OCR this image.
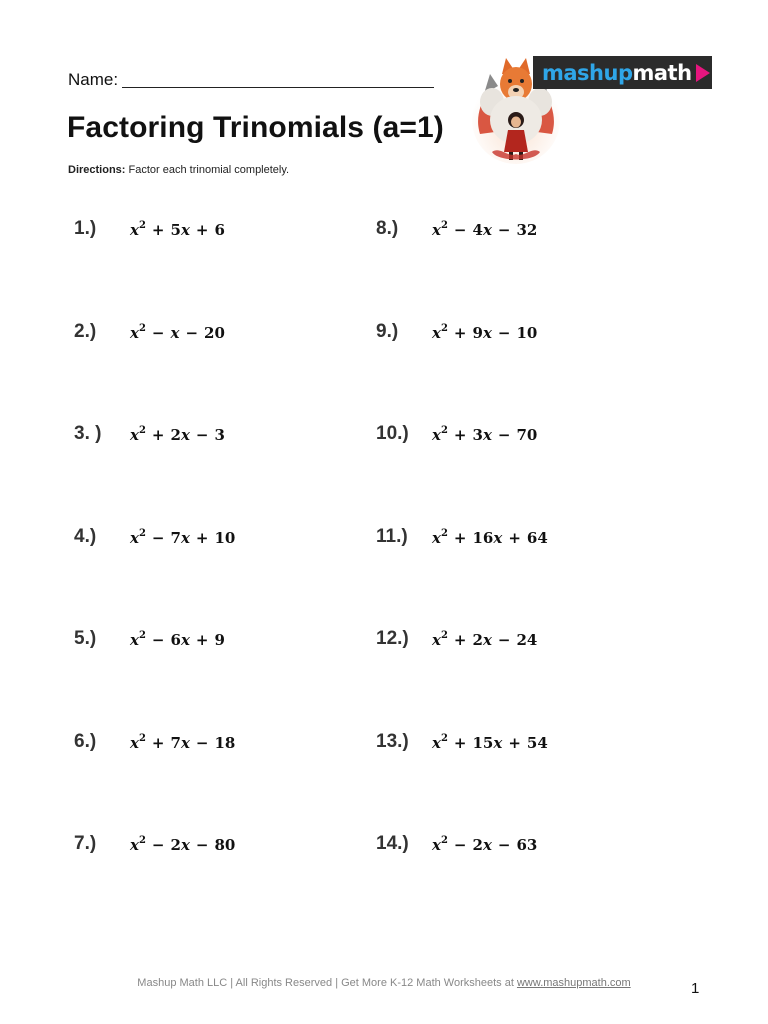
Name:
Factoring Trinomials (a=1)
Directions: Factor each trinomial completely.
mashup math
1.) $x^2 + 5x + 6$
2.) $x^2 - x - 20$
3. ) $x^2 + 2x - 3$
4.) $x^2 - 7x + 10$
5.) $x^2 - 6x + 9$
6.) $x^2 + 7x - 18$
7.) $x^2 - 2x - 80$
8.) $x^2 - 4x - 32$
9.) $x^2 + 9x - 10$
10.) $x^2 + 3x - 70$
11.) $x^2 + 16x + 64$
12.) $x^2 + 2x - 24$
13.) $x^2 + 15x + 54$
14.) $x^2 - 2x - 63$
Mashup Math LLC | All Rights Reserved | Get More K-12 Math Worksheets at www.mashupmath.com	1
